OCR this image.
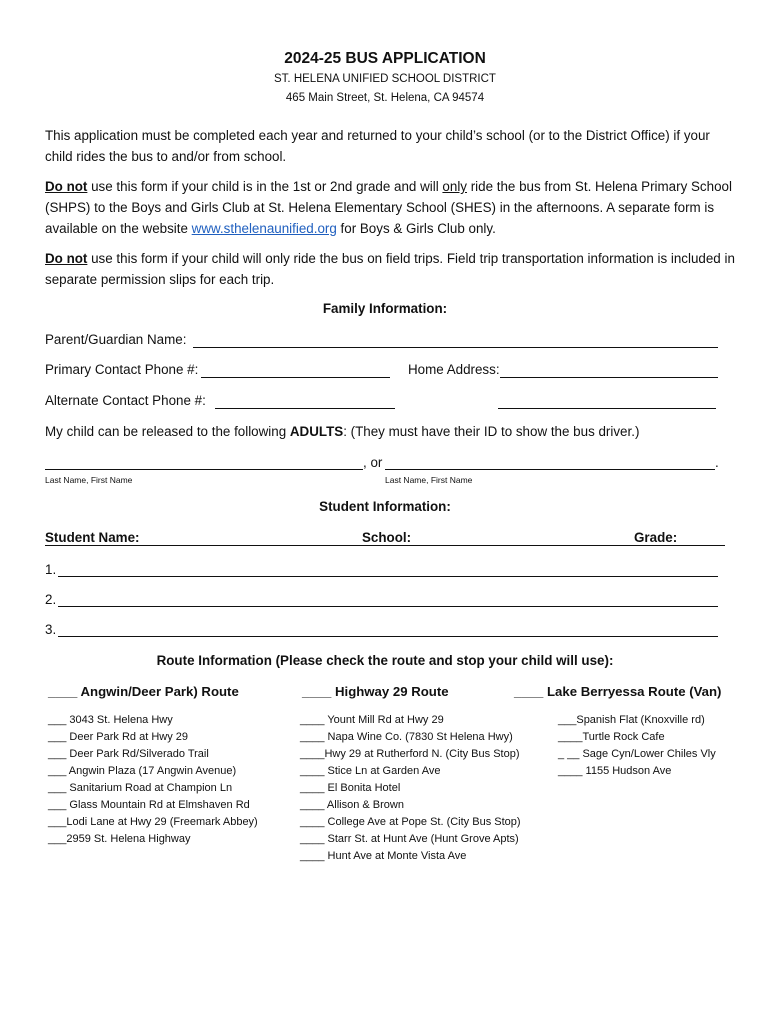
2024-25 BUS APPLICATION
ST. HELENA UNIFIED SCHOOL DISTRICT
465 Main Street, St. Helena, CA 94574
This application must be completed each year and returned to your child’s school (or to the District Office) if your child rides the bus to and/or from school.
Do not use this form if your child is in the 1st or 2nd grade and will only ride the bus from St. Helena Primary School (SHPS) to the Boys and Girls Club at St. Helena Elementary School (SHES) in the afternoons. A separate form is available on the website www.sthelenaunified.org for Boys & Girls Club only.
Do not use this form if your child will only ride the bus on field trips. Field trip transportation information is included in separate permission slips for each trip.
Family Information:
Parent/Guardian Name:
Primary Contact Phone #:	Home Address:
Alternate Contact Phone #:
My child can be released to the following ADULTS: (They must have their ID to show the bus driver.)
, or	.
Last Name, First Name	Last Name, First Name
Student Information:
Student Name:	School:	Grade:
1.
2.
3.
Route Information (Please check the route and stop your child will use):
____ Angwin/Deer Park) Route	____ Highway 29 Route	____ Lake Berryessa Route (Van)
___ 3043 St. Helena Hwy
___ Deer Park Rd at Hwy 29
___ Deer Park Rd/Silverado Trail
___ Angwin Plaza (17 Angwin Avenue)
___ Sanitarium Road at Champion Ln
___ Glass Mountain Rd at Elmshaven Rd
___Lodi Lane at Hwy 29 (Freemark Abbey)
___2959 St. Helena Highway
____ Yount Mill Rd at Hwy 29
____ Napa Wine Co. (7830 St Helena Hwy)
____Hwy 29 at Rutherford N. (City Bus Stop)
____ Stice Ln at Garden Ave
____ El Bonita Hotel
____ Allison & Brown
____ College Ave at Pope St. (City Bus Stop)
____ Starr St. at Hunt Ave (Hunt Grove Apts)
____ Hunt Ave at Monte Vista Ave
___Spanish Flat (Knoxville rd)
____Turtle Rock Cafe
_ __ Sage Cyn/Lower Chiles Vly
____ 1155 Hudson Ave
